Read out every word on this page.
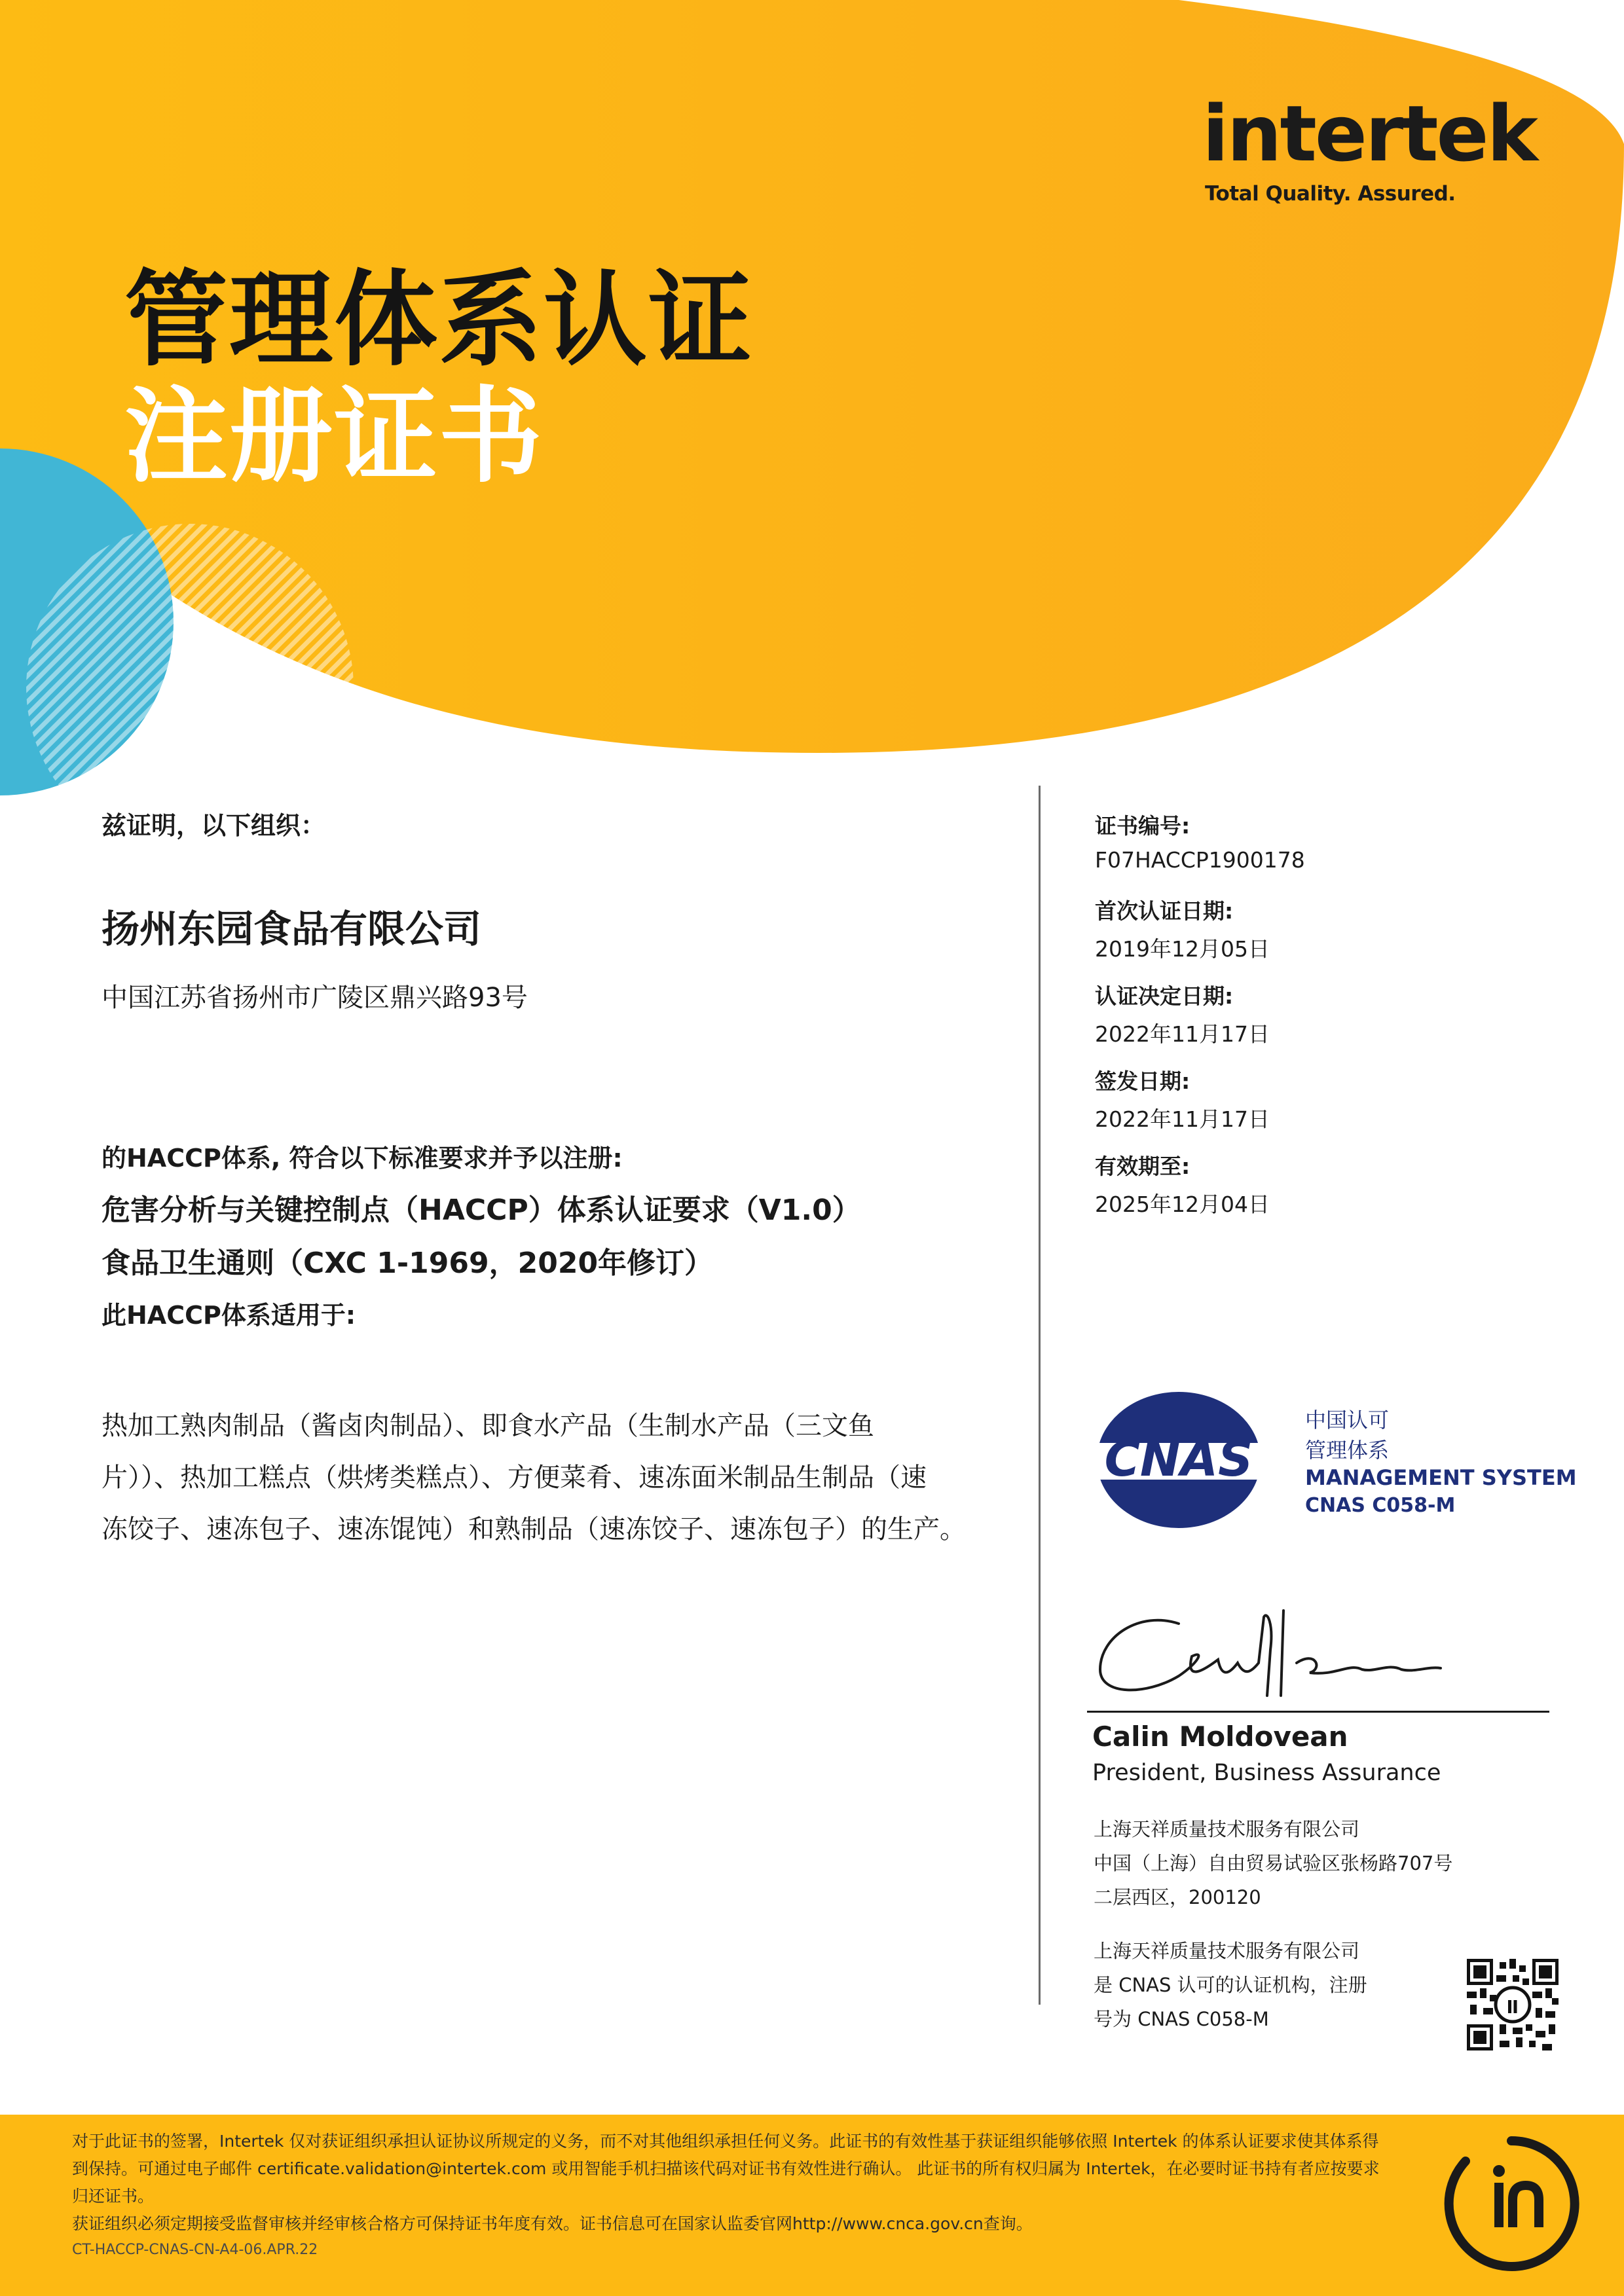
intertek
Total Quality. Assured.
管理体系认证
注册证书
兹证明，以下组织：
扬州东园食品有限公司
中国江苏省扬州市广陵区鼎兴路93号
的HACCP体系, 符合以下标准要求并予以注册:
危害分析与关键控制点（HACCP）体系认证要求（V1.0）
食品卫生通则（CXC 1-1969，2020年修订）
此HACCP体系适用于:
热加工熟肉制品（酱卤肉制品）、即食水产品（生制水产品（三文鱼
片））、热加工糕点（烘烤类糕点）、方便菜肴、速冻面米制品生制品（速
冻饺子、速冻包子、速冻馄饨）和熟制品（速冻饺子、速冻包子）的生产。
证书编号:
F07HACCP1900178
首次认证日期:
2019年12月05日
认证决定日期:
2022年11月17日
签发日期:
2022年11月17日
有效期至:
2025年12月04日
CNAS
中国认可
管理体系
MANAGEMENT SYSTEM
CNAS C058-M
Calin Moldovean
President, Business Assurance
上海天祥质量技术服务有限公司
中国（上海）自由贸易试验区张杨路707号
二层西区，200120
上海天祥质量技术服务有限公司
是 CNAS 认可的认证机构，注册
号为 CNAS C058-M
对于此证书的签署，Intertek 仅对获证组织承担认证协议所规定的义务，而不对其他组织承担任何义务。此证书的有效性基于获证组织能够依照 Intertek 的体系认证要求使其体系得
到保持。可通过电子邮件 certificate.validation@intertek.com 或用智能手机扫描该代码对证书有效性进行确认。 此证书的所有权归属为 Intertek，在必要时证书持有者应按要求
归还证书。
获证组织必须定期接受监督审核并经审核合格方可保持证书年度有效。证书信息可在国家认监委官网http://www.cnca.gov.cn查询。
CT-HACCP-CNAS-CN-A4-06.APR.22
